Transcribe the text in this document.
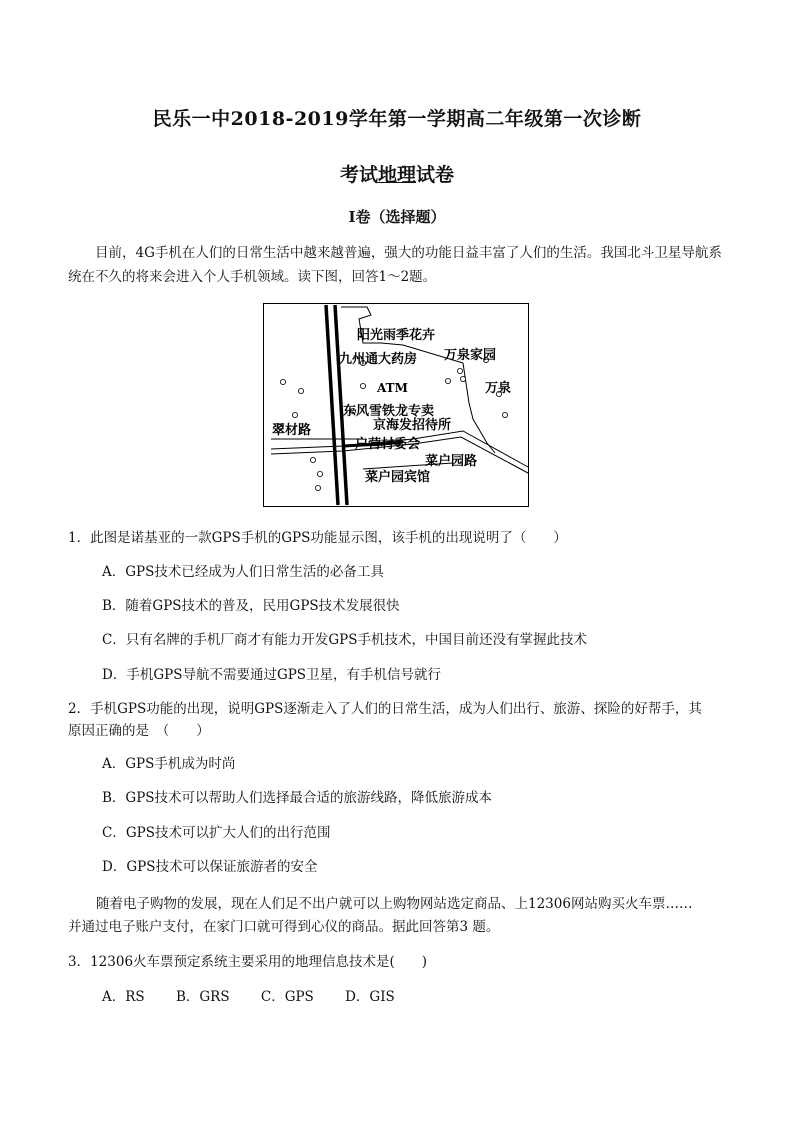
民乐一中2018-2019学年第一学期高二年级第一次诊断
考试地理试卷
I卷（选择题）
目前，4G手机在人们的日常生活中越来越普遍，强大的功能日益丰富了人们的生活。我国北斗卫星导航系统在不久的将来会进入个人手机领域。读下图，回答1～2题。
阳光雨季花卉
九州通大药房 万泉家园
ATM	万泉
东风雪铁龙专卖
京海发招待所
翠材路
户营村委会
菜户园路
菜户园宾馆
1．此图是诺基亚的一款GPS手机的GPS功能显示图，该手机的出现说明了（　　）
A．GPS技术已经成为人们日常生活的必备工具
B．随着GPS技术的普及，民用GPS技术发展很快
C．只有名牌的手机厂商才有能力开发GPS手机技术，中国目前还没有掌握此技术
D．手机GPS导航不需要通过GPS卫星，有手机信号就行
2．手机GPS功能的出现，说明GPS逐渐走入了人们的日常生活，成为人们出行、旅游、探险的好帮手，其
原因正确的是　（　　）
A．GPS手机成为时尚
B．GPS技术可以帮助人们选择最合适的旅游线路，降低旅游成本
C．GPS技术可以扩大人们的出行范围
D．GPS技术可以保证旅游者的安全
随着电子购物的发展，现在人们足不出户就可以上购物网站选定商品、上12306网站购买火车票……
并通过电子账户支付，在家门口就可得到心仪的商品。据此回答第3 题。
3．12306火车票预定系统主要采用的地理信息技术是(　　)
A．RS　　 B．GRS　　 C．GPS　　 D．GIS
